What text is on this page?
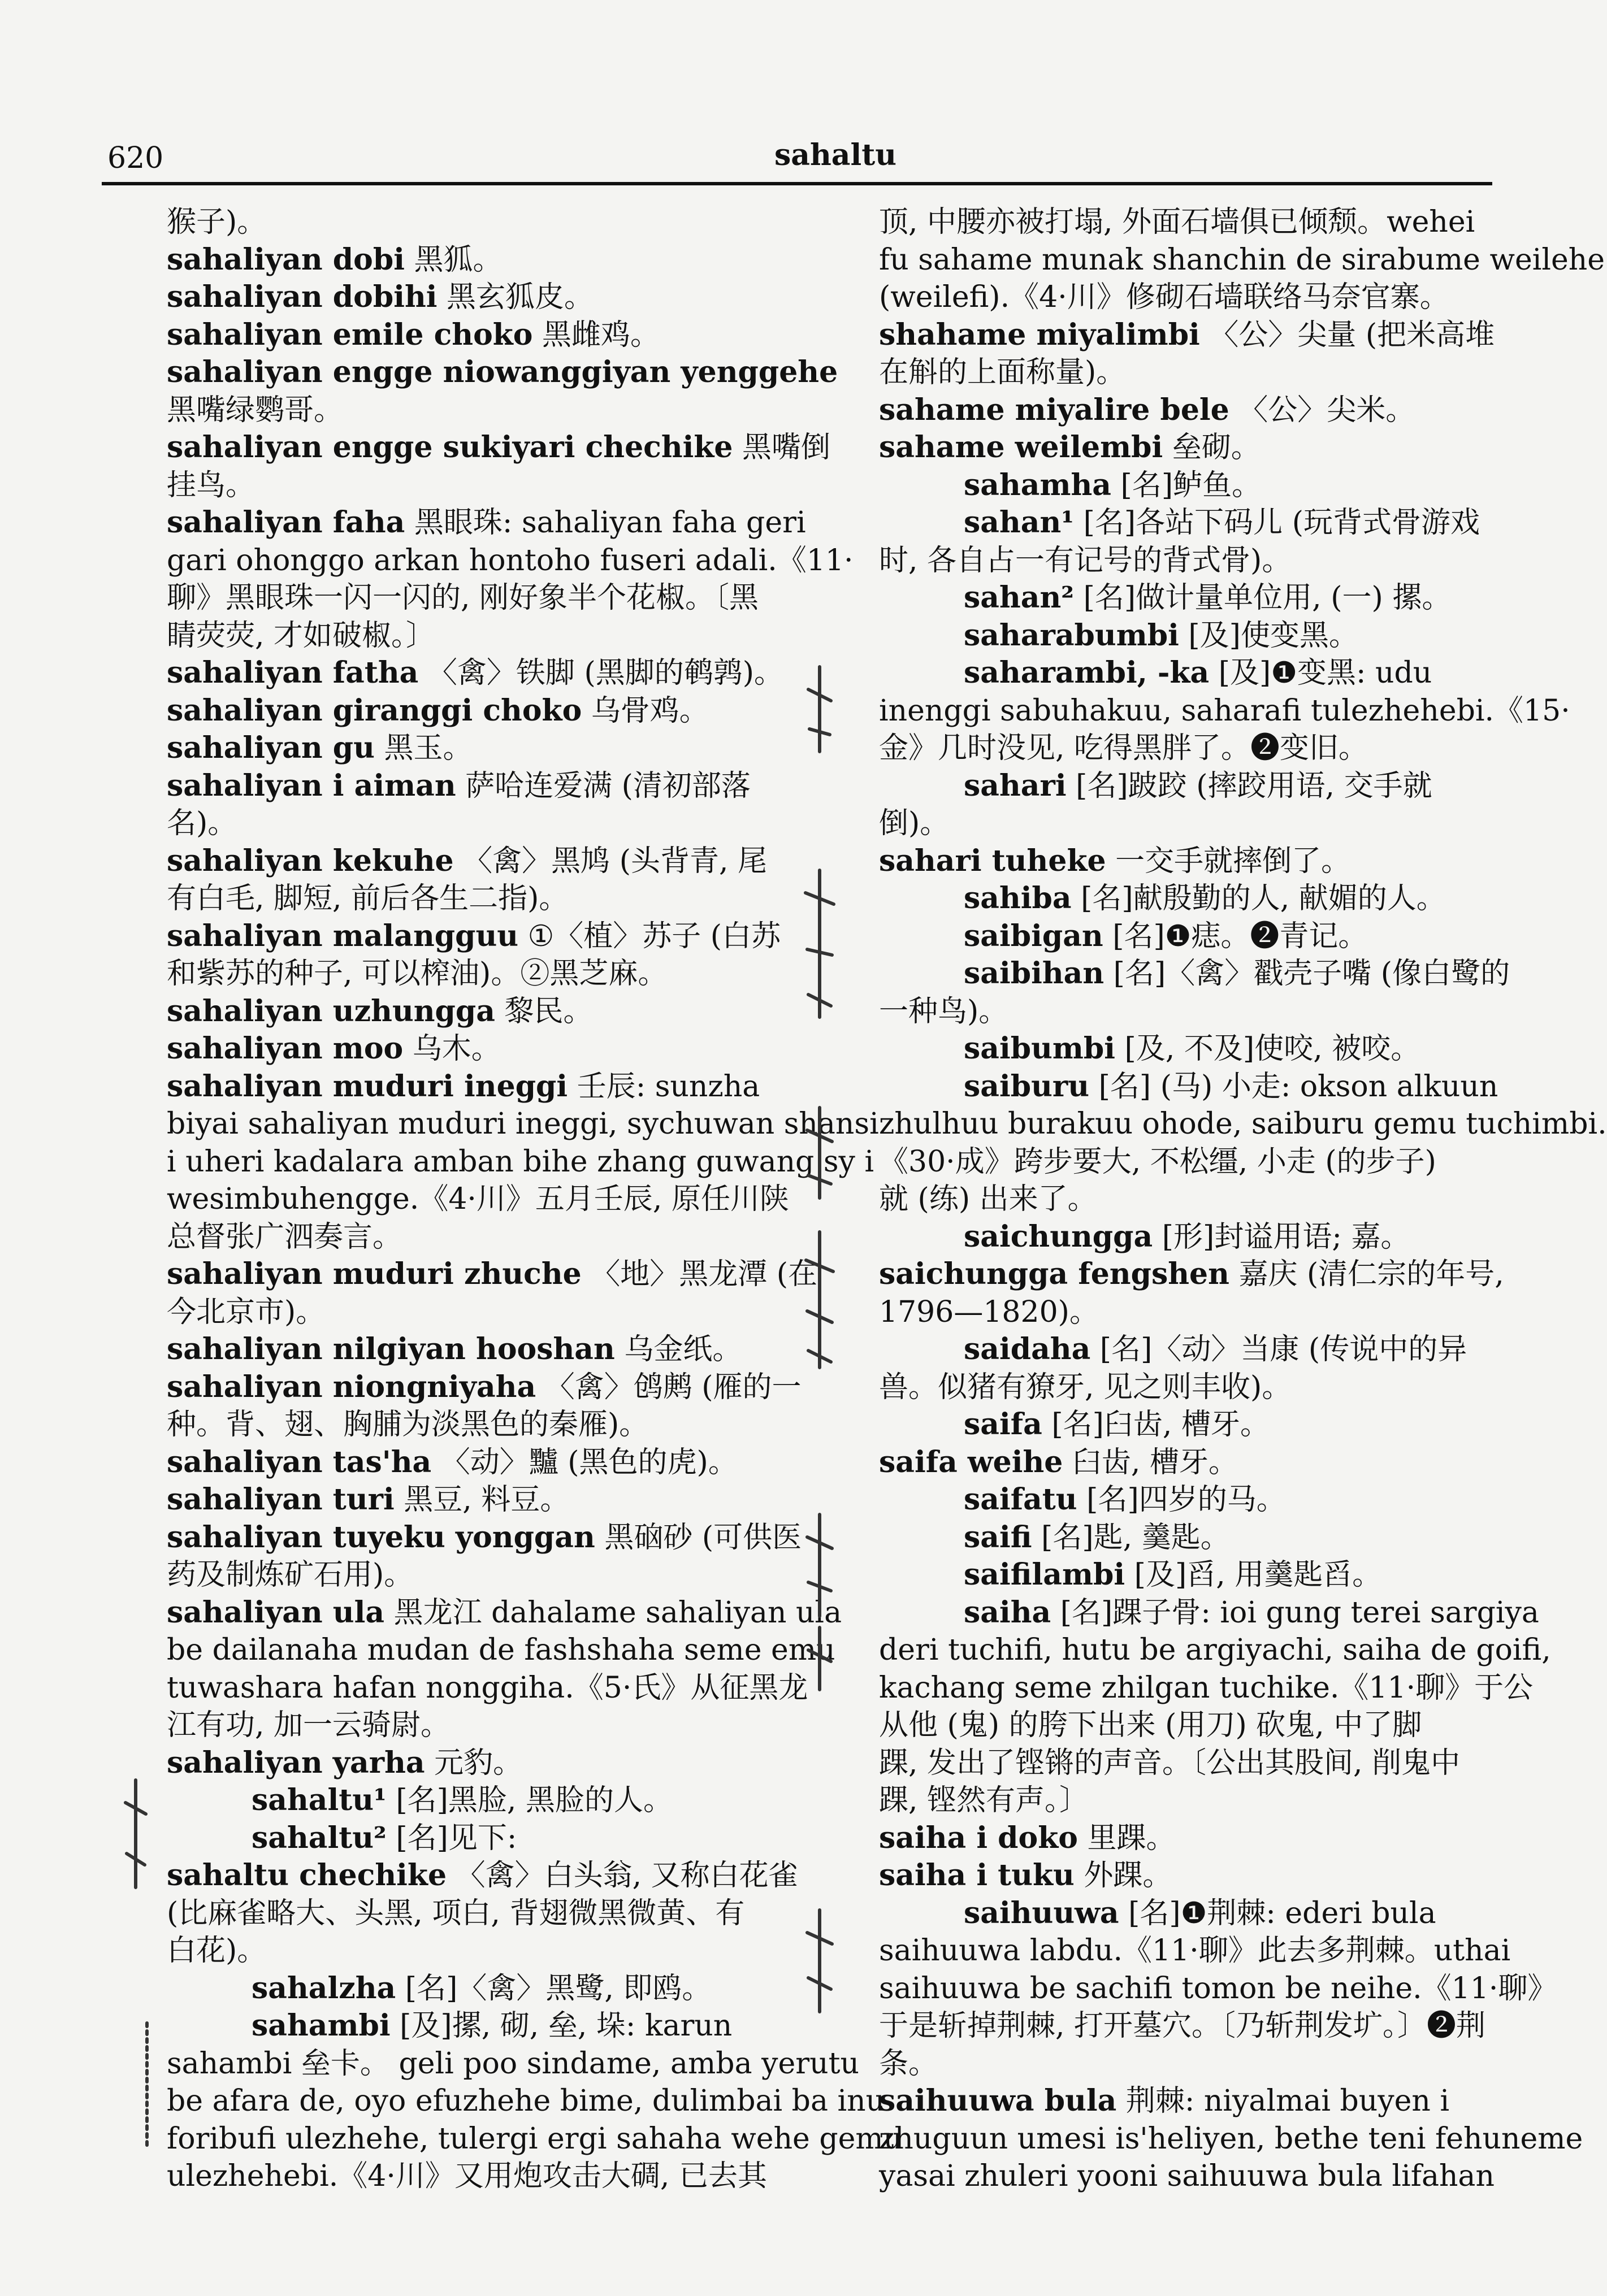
620	sahaltu
猴子)。
sahaliyan dobi 黑狐。
sahaliyan dobihi 黑玄狐皮。
sahaliyan emile choko 黑雌鸡。
sahaliyan engge niowanggiyan yenggehe
黑嘴绿鹦哥。
sahaliyan engge sukiyari chechike 黑嘴倒
挂鸟。
sahaliyan faha 黑眼珠: sahaliyan faha geri
gari ohonggo arkan hontoho fuseri adali.《11·
聊》黑眼珠一闪一闪的, 刚好象半个花椒。〔黑
睛荧荧, 才如破椒。〕
sahaliyan fatha 〈禽〉铁脚 (黑脚的鹌鹑)。
sahaliyan giranggi choko 乌骨鸡。
sahaliyan gu 黑玉。
sahaliyan i aiman 萨哈连爱满 (清初部落
名)。
sahaliyan kekuhe 〈禽〉黑鸠 (头背青, 尾
有白毛, 脚短, 前后各生二指)。
sahaliyan malangguu ①〈植〉苏子 (白苏
和紫苏的种子, 可以榨油)。②黑芝麻。
sahaliyan uzhungga 黎民。
sahaliyan moo 乌木。
sahaliyan muduri ineggi 壬辰: sunzha
biyai sahaliyan muduri ineggi, sychuwan shansi
i uheri kadalara amban bihe zhang guwang sy i
wesimbuhengge.《4·川》五月壬辰, 原任川陕
总督张广泗奏言。
sahaliyan muduri zhuche 〈地〉黑龙潭 (在
今北京市)。
sahaliyan nilgiyan hooshan 乌金纸。
sahaliyan niongniyaha 〈禽〉鸧鹒 (雁的一
种。背、翅、胸脯为淡黑色的秦雁)。
sahaliyan tas'ha 〈动〉黸 (黑色的虎)。
sahaliyan turi 黑豆, 料豆。
sahaliyan tuyeku yonggan 黑硇砂 (可供医
药及制炼矿石用)。
sahaliyan ula 黑龙江 dahalame sahaliyan ula
be dailanaha mudan de fashshaha seme emu
tuwashara hafan nonggiha.《5·氏》从征黑龙
江有功, 加一云骑尉。
sahaliyan yarha 元豹。
sahaltu¹ [名]黑脸, 黑脸的人。
sahaltu² [名]见下:
sahaltu chechike 〈禽〉白头翁, 又称白花雀
(比麻雀略大、头黑, 项白, 背翅微黑微黄、有
白花)。
sahalzha [名]〈禽〉黑鹭, 即鸥。
sahambi [及]摞, 砌, 垒, 垛: karun
sahambi 垒卡。 geli poo sindame, amba yerutu
be afara de, oyo efuzhehe bime, dulimbai ba inu
foribufi ulezhehe, tulergi ergi sahaha wehe gemu
ulezhehebi.《4·川》又用炮攻击大碉, 已去其
顶, 中腰亦被打塌, 外面石墙俱已倾颓。wehei
fu sahame munak shanchin de sirabume weilehe
(weilefi).《4·川》修砌石墙联络马奈官寨。
shahame miyalimbi 〈公〉尖量 (把米高堆
在斛的上面称量)。
sahame miyalire bele 〈公〉尖米。
sahame weilembi 垒砌。
sahamha [名]鲈鱼。
sahan¹ [名]各站下码儿 (玩背式骨游戏
时, 各自占一有记号的背式骨)。
sahan² [名]做计量单位用, (一) 摞。
saharabumbi [及]使变黑。
saharambi, -ka [及]❶变黑: udu
inenggi sabuhakuu, saharafi tulezhehebi.《15·
金》几时没见, 吃得黑胖了。❷变旧。
sahari [名]跛跤 (摔跤用语, 交手就
倒)。
sahari tuheke 一交手就摔倒了。
sahiba [名]献殷勤的人, 献媚的人。
saibigan [名]❶痣。❷青记。
saibihan [名]〈禽〉戳壳子嘴 (像白鹭的
一种鸟)。
saibumbi [及, 不及]使咬, 被咬。
saiburu [名] (马) 小走: okson alkuun
zhulhuu burakuu ohode, saiburu gemu tuchimbi.
《30·成》跨步要大, 不松缰, 小走 (的步子)
就 (练) 出来了。
saichungga [形]封谥用语; 嘉。
saichungga fengshen 嘉庆 (清仁宗的年号,
1796—1820)。
saidaha [名]〈动〉当康 (传说中的异
兽。似猪有獠牙, 见之则丰收)。
saifa [名]臼齿, 槽牙。
saifa weihe 臼齿, 槽牙。
saifatu [名]四岁的马。
saifi [名]匙, 羹匙。
saifilambi [及]舀, 用羹匙舀。
saiha [名]踝子骨: ioi gung terei sargiya
deri tuchifi, hutu be argiyachi, saiha de goifi,
kachang seme zhilgan tuchike.《11·聊》于公
从他 (鬼) 的胯下出来 (用刀) 砍鬼, 中了脚
踝, 发出了铿锵的声音。〔公出其股间, 削鬼中
踝, 铿然有声。〕
saiha i doko 里踝。
saiha i tuku 外踝。
saihuuwa [名]❶荆棘: ederi bula
saihuuwa labdu.《11·聊》此去多荆棘。uthai
saihuuwa be sachifi tomon be neihe.《11·聊》
于是斩掉荆棘, 打开墓穴。〔乃斩荆发圹。〕❷荆
条。
saihuuwa bula 荆棘: niyalmai buyen i
zhuguun umesi is'heliyen, bethe teni fehuneme
yasai zhuleri yooni saihuuwa bula lifahan
